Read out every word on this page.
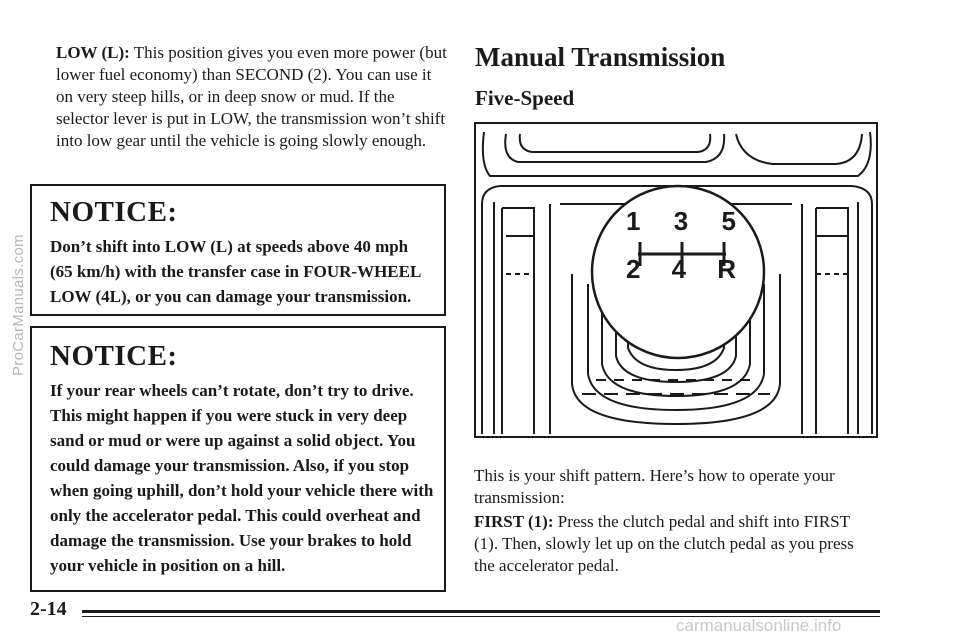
LOW (L): This position gives you even more power (but lower fuel economy) than SECOND (2). You can use it on very steep hills, or in deep snow or mud. If the selector lever is put in LOW, the transmission won’t shift into low gear until the vehicle is going slowly enough.
NOTICE:
Don’t shift into LOW (L) at speeds above 40 mph (65 km/h) with the transfer case in FOUR-WHEEL LOW (4L), or you can damage your transmission.
NOTICE:
If your rear wheels can’t rotate, don’t try to drive. This might happen if you were stuck in very deep sand or mud or were up against a solid object. You could damage your transmission. Also, if you stop when going uphill, don’t hold your vehicle there with only the accelerator pedal. This could overheat and damage the transmission. Use your brakes to hold your vehicle in position on a hill.
Manual Transmission
Five-Speed
1 3 5
2 4 R
This is your shift pattern. Here’s how to operate your transmission:
FIRST (1): Press the clutch pedal and shift into FIRST (1). Then, slowly let up on the clutch pedal as you press the accelerator pedal.
2-14
ProCarManuals.com
carmanualsonline.info
